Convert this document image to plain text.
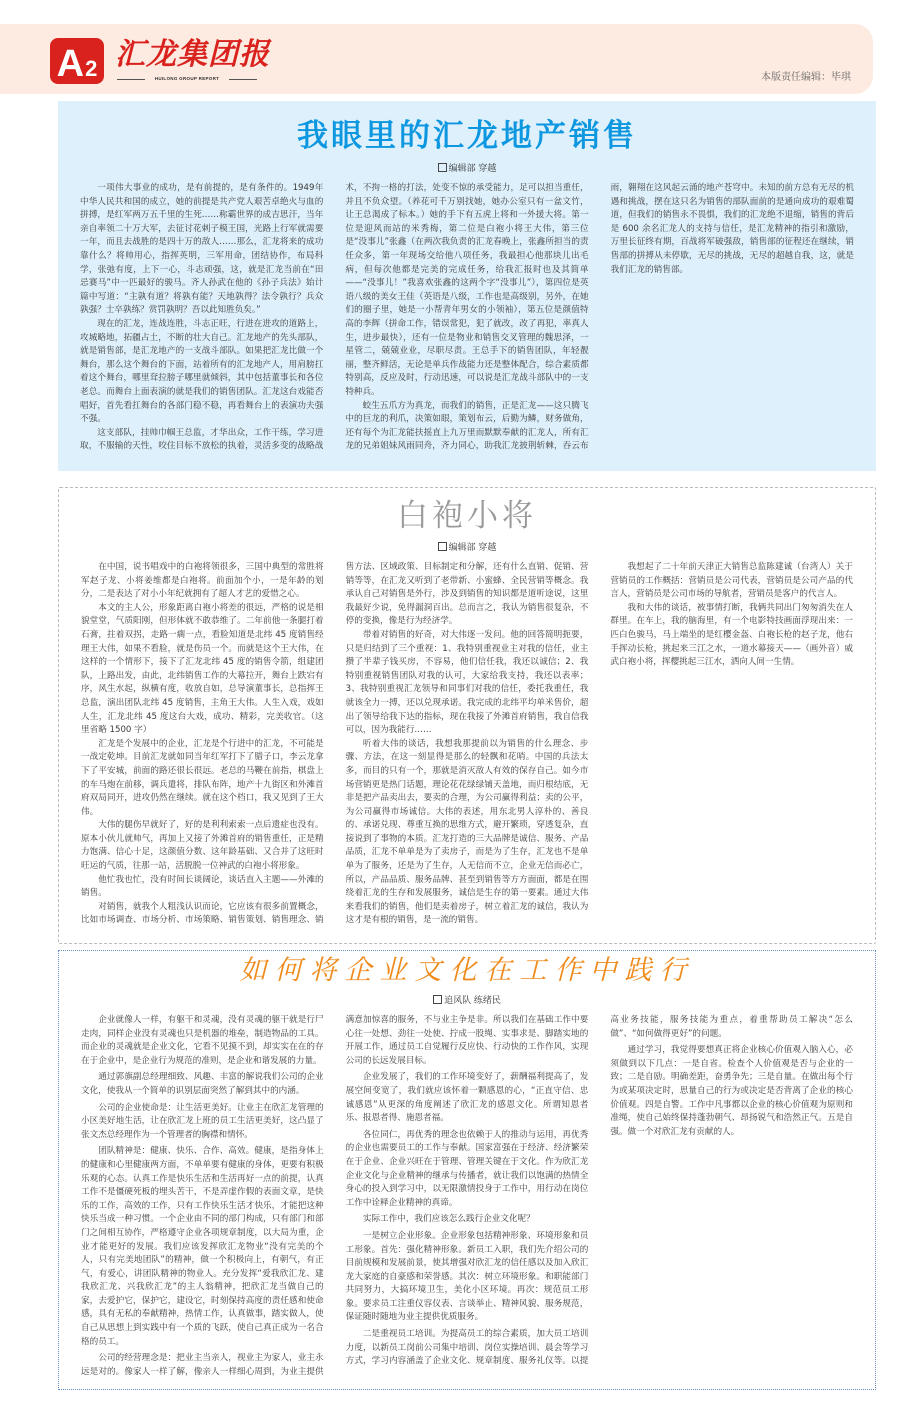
A 2 汇龙集团报
HUILONG GROUP REPORT	本版责任编辑：毕琪
我眼里的汇龙地产销售
编辑部 穿越

一项伟大事业的成功，是有前提的，是有条件的。1949年中华人民共和国的成立，她的前提是共产党人艰苦卓绝火与血的拼搏，是红军两万五千里的生死……称霸世界的成吉思汗，当年亲自率领二十万大军，去征讨花剌子模王国，光路上行军就需要一年，而且去战胜的是四十万的敌人……那么，汇龙将来的成功靠什么？将帅用心，指挥英明，三军用命，团结协作，布局科学，张弛有度，上下一心，斗志顽强，这，就是汇龙当前在“田忌赛马”中一匹最好的骏马。齐人孙武在他的《孙子兵法》始计篇中写道：“主孰有道？将孰有能？天地孰得？法令孰行？兵众孰强？士卒孰练？赏罚孰明？吾以此知胜负矣。”

现在的汇龙，连战连胜，斗志正旺，行进在进攻的道路上，攻城略地，拓疆占土，不断的壮大自己。汇龙地产的先头部队，就是销售部，是汇龙地产的一支战斗部队。如果把汇龙比做一个舞台，那么这个舞台的下面，站着所有的汇龙地产人，用肩膀扛着这个舞台，哪里耷拉膀子哪里就倾斜，其中包括董事长和各位老总。而舞台上面表演的就是我们的销售团队。汇龙这台戏能否唱好，首先看扛舞台的各部门稳不稳，再看舞台上的表演功夫强不强。

这支部队，挂帅巾帼王总监，才华出众，工作干练，学习进取，不服输的天性，咬住目标不放松的执着，灵活多变的战略战术，不拘一格的打法，处变不惊的承受能力，足可以担当重任，并且不负众望。（养花可千万别找她，她办公室只有一盆文竹，让王总渴成了标本。）她的手下有五虎上将和一外援大将。第一位是迎风而站的米秀梅，第二位是白袍小将王大伟，第三位是“没事儿”张鑫（在两次我负责的汇龙春晚上，张鑫所担当的责任众多，第一年现场交给他八项任务，我最担心他那块儿出毛病，但每次他都是完美的完成任务，给我汇报时也及其简单——“没事儿！”我喜欢张鑫的这两个字“没事儿”），第四位是英语八级的美女王佳（英语是八级，工作也是高级别，另外，在她们的圈子里，她是一小帮青年男女的小领袖），第五位是颜值特高的李辉（拼命工作，错误常犯，犯了就改，改了再犯，率真人生，进步最快），还有一位是物业和销售交叉管理的魏思泽，一星管二，兢兢业业，尽职尽责。王总手下的销售团队，年轻靓丽，整齐鲜活，无论是单兵作战能力还是整体配合，综合素质都特别高，反应及时，行动迅速，可以说是汇龙战斗部队中的一支特种兵。

蛟生五爪方为真龙，而我们的销售，正是汇龙——这只腾飞中的巨龙的利爪，决策如眼，策划布云，后勤为鳞，财务做角，还有每个为汇龙能扶摇直上九万里而默默奉献的汇龙人，所有汇龙的兄弟姐妹风雨同舟，齐力同心，助我汇龙披荆斩棘，吞云布雨，翱翔在这风起云涌的地产苍穹中。未知的前方总有无尽的机遇和挑战，摆在这只名为销售的部队面前的是通向成功的艰难蜀道，但我们的销售永不畏惧，我们的汇龙绝不退缩，销售的背后是 600 余名汇龙人的支持与信任，是汇龙精神的指引和激励，万里长征终有期，百战将军破强敌，销售部的征程还在继续，销售部的拼搏从未停歇，无尽的挑战，无尽的超越自我，这，就是我们汇龙的销售部。

白袍小将
编辑部 穿越

在中国，说书唱戏中的白袍将领很多，三国中典型的常胜将军赵子龙、小将姜维都是白袍将。前面加个小，一是年龄的划分，二是表达了对小小年纪就拥有了超人才艺的爱惜之心。

本文的主人公，形象距离白袍小将差的很远，严格的说是相貌堂堂，气质阳刚，但形体就不敢恭维了。二年前他一条腿打着石膏，拄着双拐，走路一瘸一点，看脸知道是北纬 45 度销售经理王大伟，如果不看脸，就是伤员一个。而就是这个王大伟，在这样的一个情形下，接下了汇龙北纬 45 度的销售令箭，组建团队，上路出发，由此，北纬销售工作的大幕拉开，舞台上跌宕有序，风生水起，纵横有度，收放自如，总导演董事长，总指挥王总监，演出团队北纬 45 度销售，主角王大伟。人生入戏，戏如人生，汇龙北纬 45 度这台大戏，成功、精彩，完美收官。（这里省略 1500 字）

汇龙是个发展中的企业，汇龙是个行进中的汇龙，不可能是一战定乾坤。目前汇龙就如同当年红军打下了腊子口，李云龙拿下了平安城，前面的路还很长很远。老总的马鞭在前指，棋盘上的车马炮在前移，调兵遣将，排队布阵，地产十九街区和外滩首府双局同开，进攻仍然在继续。就在这个档口，我又见到了王大伟。

大伟的腿伤早就好了，好的是利利索索一点后遗症也没有。原本小伙儿就帅气，再加上又接了外滩首府的销售重任，正是精力饱满、信心十足，这颜值分数、这年龄基础、又合并了这旺时旺运的气质，往那一站，活脱脱一位神武的白袍小将形象。

他忙我也忙，没有时间长谈阔论，谈话直入主题——外滩的销售。

对销售，就我个人粗浅认识而论，它应该有很多前置概念，比如市场调查、市场分析、市场策略、销售策划、销售理念、销售方法、区域政策、目标制定和分解，还有什么直销、促销、营销等等，在汇龙又听到了老带新、小蜜蜂、全民营销等概念。我承认自己对销售是外行，涉及到销售的知识都是道听途说，这里我最好少说，免得漏洞百出。总而言之，我认为销售很复杂，不停的变换，像是行为经济学。

带着对销售的好奇，对大伟逐一发问。他的回答简明扼要，只是归结到了三个重视：1、我特别重视业主对我的信任，业主攒了半辈子钱买房，不容易，他们信任我，我还以诚信；2、我特别重视销售团队对我的认可，大家给我支持，我还以表率；3、我特别重视汇龙领导和同事们对我的信任，委托我重任，我就该全力一搏，还以兑现承诺。我完成的北纬平均单米售价，超出了领导给我下达的指标，现在我接了外滩首府销售，我自信我可以，因为我能行……

听着大伟的谈话，我想我那提前以为销售的什么理念、步骤、方法，在这一刻显得是那么的轻飘和花哨。中国的兵法太多，而目的只有一个，那就是消灭敌人有效的保存自己。如今市场营销更是热门话题，理论花花绿绿铺天盖地，而归根结底，无非是把产品卖出去，要卖的合理，为公司赢得利益；卖的公平，为公司赢得市场诚信。大伟的表述，用东北男人淳朴的、善良的、承诺兑现、尊重互换的思维方式，避开繁琐，穿透复杂，直接说到了事物的本质。汇龙打造的三大品牌是诚信、服务、产品品质，汇龙不单单是为了卖房子，而是为了生存，汇龙也不是单单为了服务，还是为了生存，人无信而不立，企业无信而必亡，所以，产品品质、服务品牌、甚至到销售等方方面面，都是在围绕着汇龙的生存和发展服务，诚信是生存的第一要素。通过大伟来看我们的销售，他们是卖着房子，树立着汇龙的诚信，我认为这才是有根的销售，是一流的销售。

我想起了二十年前天津正大销售总监陈建诚（台湾人）关于营销员的工作概括：营销员是公司代表，营销员是公司产品的代言人，营销员是公司市场的导航者，营销员是客户的代言人。

我和大伟的谈话，被事情打断，我俩共同出门匆匆消失在人群里。在车上，我的脑海里，有一个电影特技画面浮现出来：一匹白色骏马，马上端坐的是红樱金盔、白袍长枪的赵子龙，他右手挥动长枪，挑起来三江之水，一道水幕接天——（画外音）威武白袍小将，挥樱挑起三江水，洒向人间一生情。

如何将企业文化在工作中践行
追风队 练绪民

企业就像人一样，有躯干和灵魂，没有灵魂的躯干就是行尸走肉，同样企业没有灵魂也只是机器的堆垒，制造物品的工具。而企业的灵魂就是企业文化，它看不见摸不到，却实实在在的存在于企业中，是企业行为规范的准则，是企业和谐发展的力量。

通过郭旗副总经理细致、风趣、丰富的解说我们公司的企业文化，使我从一个简单的识别层面突然了解到其中的内涵。

公司的企业使命是：让生活更美好。让业主在欣汇龙管理的小区美好地生活，让在欣汇龙上班的员工生活更美好，这凸显了张文杰总经理作为一个管理者的胸襟和情怀。

团队精神是：健康、快乐、合作、高效。健康，是指身体上的健康和心里健康两方面，不单单要有健康的身体，更要有积极乐观的心态。认真工作是快乐生活和生活再好一点的前提，认真工作不是僵硬死板的埋头苦干，不是弄虚作假的表面文章，是快乐的工作，高效的工作，只有工作快乐生活才快乐，才能把这种快乐当成一种习惯。一个企业由不同的部门构成，只有部门和部门之间相互协作，严格遵守企业各项规章制度，以大局为重，企业才能更好的发展。我们应该发挥欣汇龙物业“没有完美的个人，只有完美地团队”的精神，做一个积极向上，有朝气，有正气，有爱心，讲团队精神的物业人。充分发挥“爱我欣汇龙、建我欣汇龙、兴我欣汇龙”的主人翁精神，把欣汇龙当做自己的家，去爱护它，保护它，建设它，时刻保持高度的责任感和使命感，具有无私的奉献精神，热情工作，认真做事，踏实做人，使自己从思想上到实践中有一个质的飞跃，使自己真正成为一名合格的员工。

公司的经营理念是：把业主当亲人，视业主为家人，业主永远是对的。像家人一样了解，像亲人一样细心周到，为业主提供满意加惊喜的服务，不与业主争是非。所以我们在基础工作中要心往一处想、劲往一处使、拧成一股绳、实事求是、脚踏实地的开展工作，通过员工自觉履行反应快、行动快的工作作风，实现公司的长远发展目标。

企业发展了，我们的工作环境变好了，薪酬福利提高了，发展空间变宽了，我们就应该怀着一颗感恩的心，“正直守信、忠诚感恩”从更深的角度阐述了欣汇龙的感恩文化。所谓知恩者乐、报恩者得、施恩者福。

各位同仁，再优秀的理念也依赖于人的推动与运用，再优秀的企业也需要员工的工作与奉献。国家富强在于经济、经济繁荣在于企业、企业兴旺在于管理、管理关键在于文化。作为欣汇龙企业文化与企业精神的继承与传播者，就让我们以饱满的热情全身心的投入到学习中，以无限激情投身于工作中，用行动在岗位工作中诠释企业精神的真谛。

实际工作中，我们应该怎么践行企业文化呢？

一是树立企业形象。企业形象包括精神形象、环境形象和员工形象。首先：强化精神形象。新员工入职，我们先介绍公司的目前规模和发展前景，使其增强对欣汇龙的信任感以及加入欣汇龙大家庭的自豪感和荣誉感。其次：树立环境形象。和职能部门共同努力，大搞环境卫生，美化小区环境。再次：规范员工形象。要求员工注重仪容仪表、言谈举止、精神风貌、服务规范，保证随时随地为业主提供优质服务。

二是重视员工培训。为提高员工的综合素质，加大员工培训力度，以新员工岗前公司集中培训、岗位实操培训、晨会等学习方式，学习内容涵盖了企业文化、规章制度、服务礼仪等。以提高业务技能，服务技能为重点，着重帮助员工解决“怎么做”、“如何做得更好”的问题。

通过学习，我觉得要想真正将企业核心价值观入脑入心，必须做到以下几点：一是自省。检查个人价值观是否与企业的一致；二是自励。明确差距，奋勇争先；三是自量。在做出每个行为或某项决定时，思量自己的行为或决定是否背离了企业的核心价值观。四是自警。工作中凡事都以企业的核心价值观为原则和准绳，使自己始终保持蓬勃朝气、昂扬锐气和浩然正气。五是自强。做一个对欣汇龙有贡献的人。
